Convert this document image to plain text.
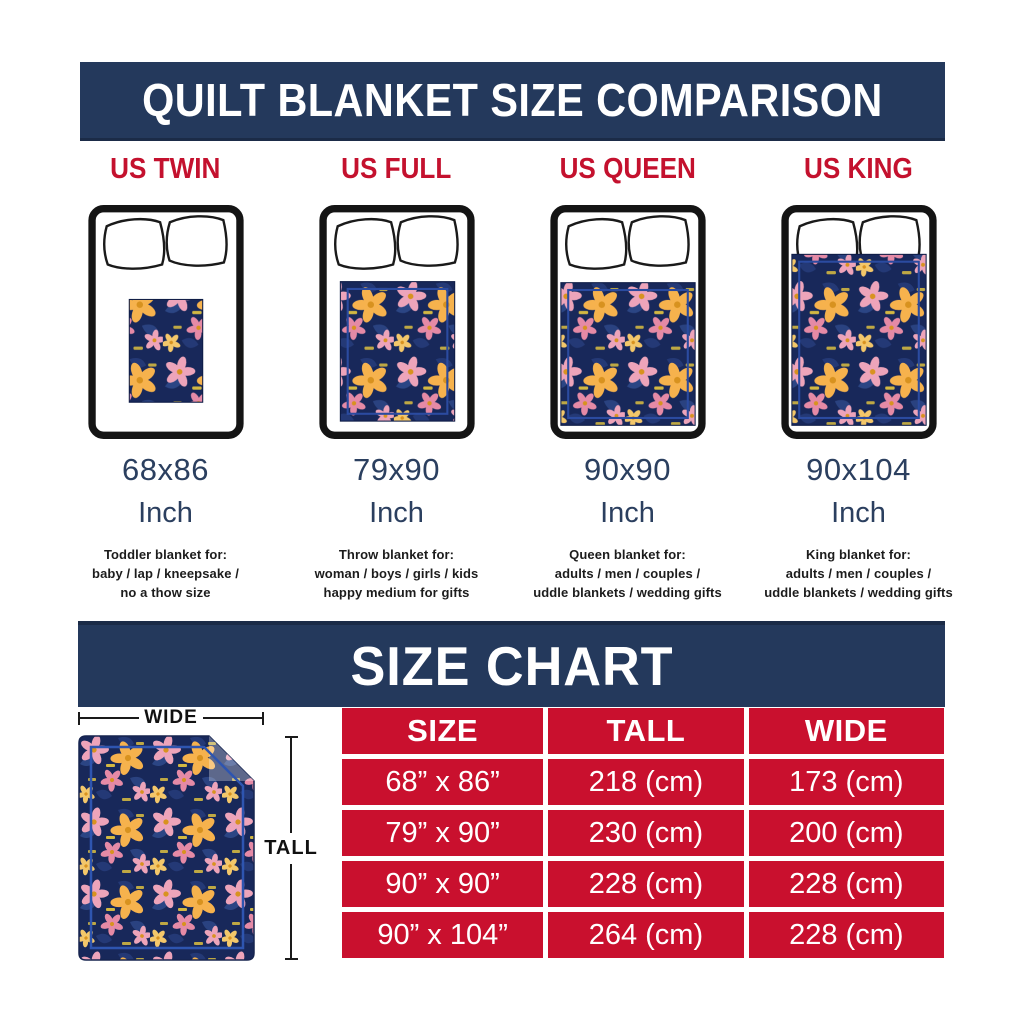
QUILT BLANKET SIZE COMPARISON
US TWIN
68x86
Inch
Toddler blanket for:
baby / lap / kneepsake /
no a thow size
US FULL
79x90
Inch
Throw blanket for:
woman / boys / girls / kids
happy medium for gifts
US QUEEN
90x90
Inch
Queen blanket for:
adults / men / couples /
uddle blankets / wedding gifts
US KING
90x104
Inch
King blanket for:
adults / men / couples /
uddle blankets / wedding gifts
SIZE CHART
WIDE
TALL
SIZE	TALL	WIDE
68” x 86”	218 (cm)	173 (cm)
79” x 90”	230 (cm)	200 (cm)
90” x 90”	228 (cm)	228 (cm)
90” x 104”	264 (cm)	228 (cm)
